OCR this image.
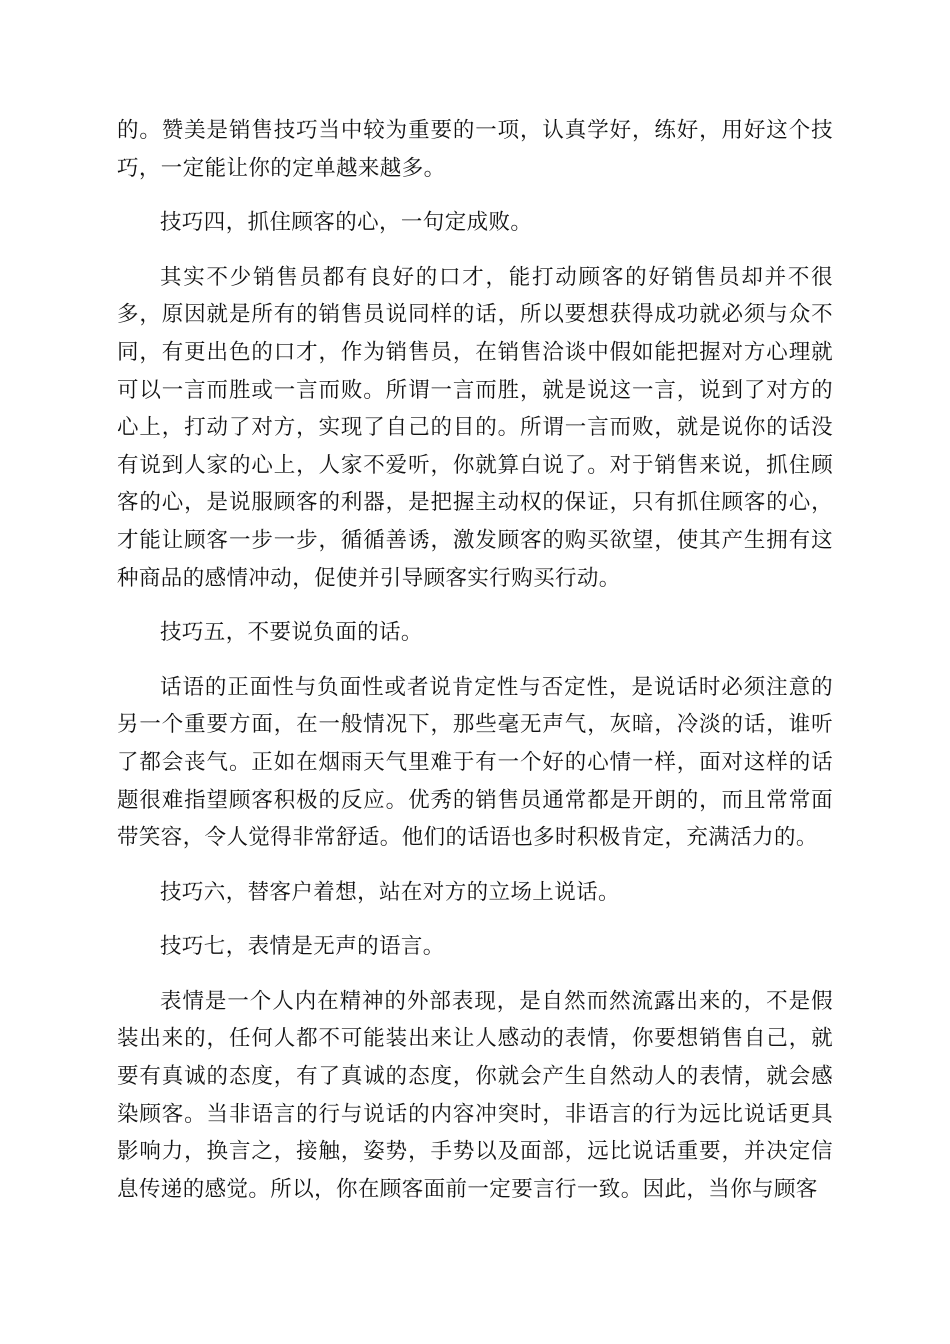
的。赞美是销售技巧当中较为重要的一项，认真学好，练好，用好这个技巧，一定能让你的定单越来越多。

技巧四，抓住顾客的心，一句定成败。

其实不少销售员都有良好的口才，能打动顾客的好销售员却并不很多，原因就是所有的销售员说同样的话，所以要想获得成功就必须与众不同，有更出色的口才，作为销售员，在销售洽谈中假如能把握对方心理就可以一言而胜或一言而败。所谓一言而胜，就是说这一言，说到了对方的心上，打动了对方，实现了自己的目的。所谓一言而败，就是说你的话没有说到人家的心上，人家不爱听，你就算白说了。对于销售来说，抓住顾客的心，是说服顾客的利器，是把握主动权的保证，只有抓住顾客的心，才能让顾客一步一步，循循善诱，激发顾客的购买欲望，使其产生拥有这种商品的感情冲动，促使并引导顾客实行购买行动。

技巧五，不要说负面的话。

话语的正面性与负面性或者说肯定性与否定性，是说话时必须注意的另一个重要方面，在一般情况下，那些毫无声气，灰暗，冷淡的话，谁听了都会丧气。正如在烟雨天气里难于有一个好的心情一样，面对这样的话题很难指望顾客积极的反应。优秀的销售员通常都是开朗的，而且常常面带笑容，令人觉得非常舒适。他们的话语也多时积极肯定，充满活力的。

技巧六，替客户着想，站在对方的立场上说话。

技巧七，表情是无声的语言。

表情是一个人内在精神的外部表现，是自然而然流露出来的，不是假装出来的，任何人都不可能装出来让人感动的表情，你要想销售自己，就要有真诚的态度，有了真诚的态度，你就会产生自然动人的表情，就会感染顾客。当非语言的行与说话的内容冲突时，非语言的行为远比说话更具影响力，换言之，接触，姿势，手势以及面部，远比说话重要，并决定信息传递的感觉。所以，你在顾客面前一定要言行一致。因此，当你与顾客
